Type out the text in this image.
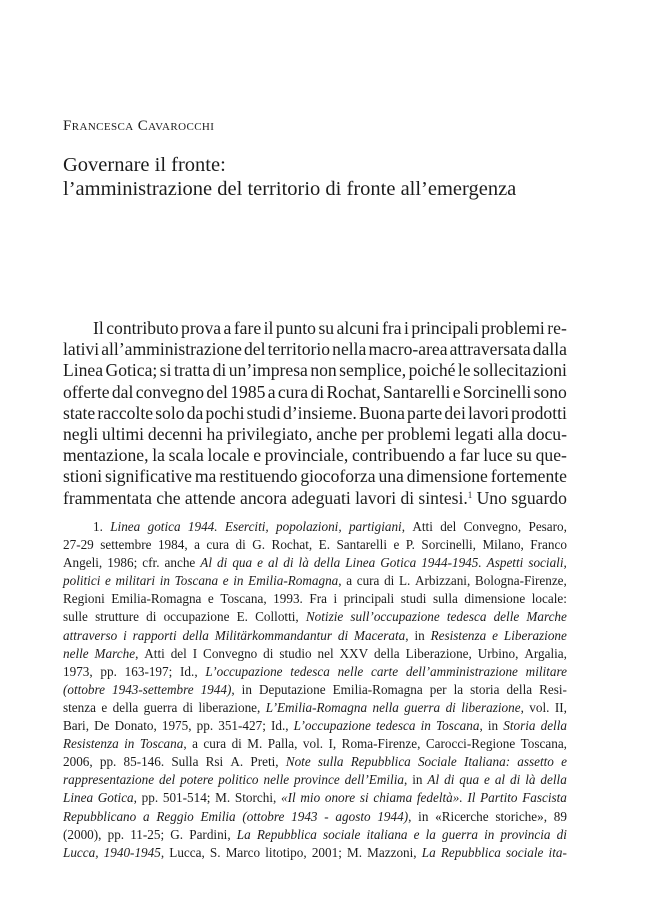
Francesca Cavarocchi
Governare il fronte:
l’amministrazione del territorio di fronte all’emergenza
Il contributo prova a fare il punto su alcuni fra i principali problemi re-
lativi all’amministrazione del territorio nella macro-area attraversata dalla
Linea Gotica; si tratta di un’impresa non semplice, poiché le sollecitazioni
offerte dal convegno del 1985 a cura di Rochat, Santarelli e Sorcinelli sono
state raccolte solo da pochi studi d’insieme. Buona parte dei lavori prodotti
negli ultimi decenni ha privilegiato, anche per problemi legati alla docu-
mentazione, la scala locale e provinciale, contribuendo a far luce su que-
stioni significative ma restituendo giocoforza una dimensione fortemente
frammentata che attende ancora adeguati lavori di sintesi.$^1$ Uno sguardo
1. Linea gotica 1944. Eserciti, popolazioni, partigiani, Atti del Convegno, Pesaro,
27-29 settembre 1984, a cura di G. Rochat, E. Santarelli e P. Sorcinelli, Milano, Franco
Angeli, 1986; cfr. anche Al di qua e al di là della Linea Gotica 1944-1945. Aspetti sociali,
politici e militari in Toscana e in Emilia-Romagna, a cura di L. Arbizzani, Bologna-Firenze,
Regioni Emilia-Romagna e Toscana, 1993. Fra i principali studi sulla dimensione locale:
sulle strutture di occupazione E. Collotti, Notizie sull’occupazione tedesca delle Marche
attraverso i rapporti della Militärkommandantur di Macerata, in Resistenza e Liberazione
nelle Marche, Atti del I Convegno di studio nel XXV della Liberazione, Urbino, Argalia,
1973, pp. 163-197; Id., L’occupazione tedesca nelle carte dell’amministrazione militare
(ottobre 1943-settembre 1944), in Deputazione Emilia-Romagna per la storia della Resi-
stenza e della guerra di liberazione, L’Emilia-Romagna nella guerra di liberazione, vol. II,
Bari, De Donato, 1975, pp. 351-427; Id., L’occupazione tedesca in Toscana, in Storia della
Resistenza in Toscana, a cura di M. Palla, vol. I, Roma-Firenze, Carocci-Regione Toscana,
2006, pp. 85-146. Sulla Rsi A. Preti, Note sulla Repubblica Sociale Italiana: assetto e
rappresentazione del potere politico nelle province dell’Emilia, in Al di qua e al di là della
Linea Gotica, pp. 501-514; M. Storchi, «Il mio onore si chiama fedeltà». Il Partito Fascista
Repubblicano a Reggio Emilia (ottobre 1943 - agosto 1944), in «Ricerche storiche», 89
(2000), pp. 11-25; G. Pardini, La Repubblica sociale italiana e la guerra in provincia di
Lucca, 1940-1945, Lucca, S. Marco litotipo, 2001; M. Mazzoni, La Repubblica sociale ita-
